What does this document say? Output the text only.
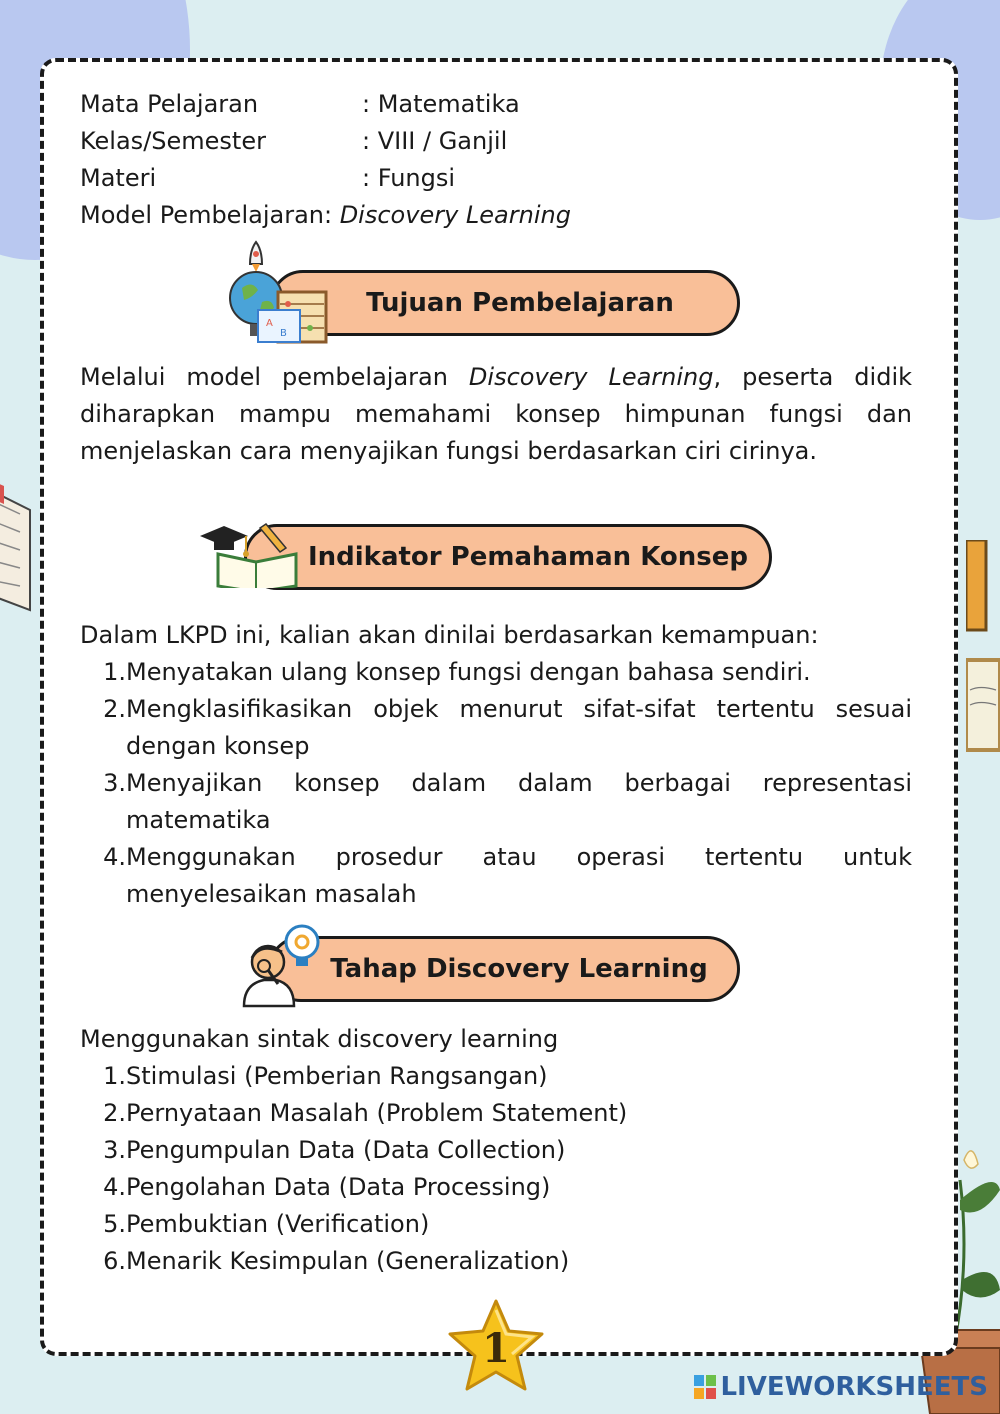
Mata Pelajaran	: Matematika
Kelas/Semester	: VIII / Ganjil
Materi	: Fungsi
Model Pembelajaran : Discovery Learning
Tujuan Pembelajaran
A
B

Melalui model pembelajaran Discovery Learning, peserta didik diharapkan mampu memahami konsep himpunan fungsi dan menjelaskan cara menyajikan fungsi berdasarkan ciri cirinya.

Indikator Pemahaman Konsep

Dalam LKPD ini, kalian akan dinilai berdasarkan kemampuan:

1. Menyatakan ulang konsep fungsi dengan bahasa sendiri.
2. Mengklasifikasikan objek menurut sifat-sifat tertentu sesuai dengan konsep
3. Menyajikan konsep dalam dalam berbagai representasi matematika
4. Menggunakan prosedur atau operasi tertentu untuk menyelesaikan masalah
Tahap Discovery Learning

Menggunakan sintak discovery learning

1. Stimulasi (Pemberian Rangsangan)
2. Pernyataan Masalah (Problem Statement)
3. Pengumpulan Data (Data Collection)
4. Pengolahan Data (Data Processing)
5. Pembuktian (Verification)
6. Menarik Kesimpulan (Generalization)
1
LIVEWORKSHEETS
